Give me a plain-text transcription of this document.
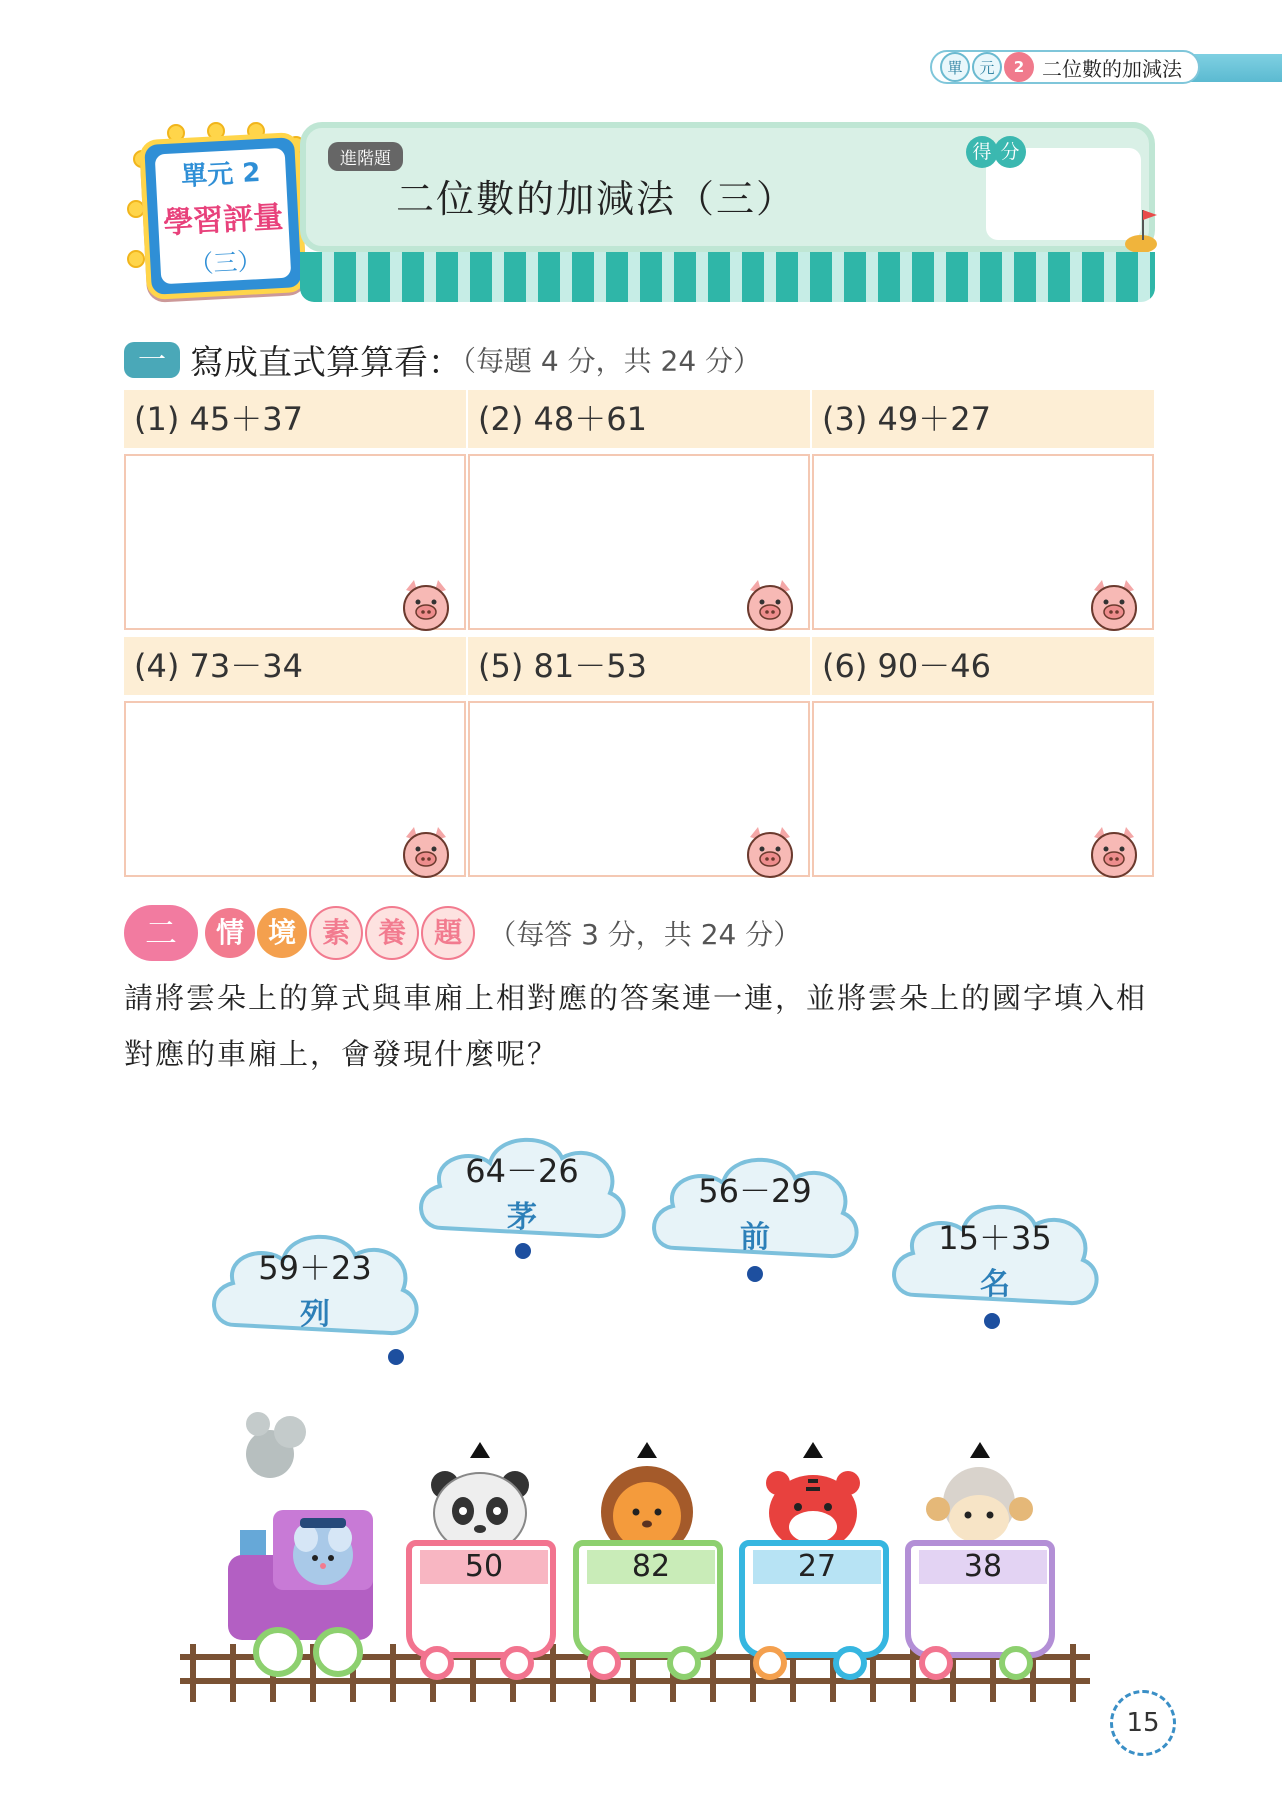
單	元	2 二位數的加減法
單元 2
學習評量
（三）
進階題
二位數的加減法（三）
得 分
一 寫成直式算算看：（每題 4 分，共 24 分）
(1) 45＋37	(2) 48＋61	(3) 49＋27
(4) 73－34	(5) 81－53	(6) 90－46
二 情 境 素 養 題 （每答 3 分，共 24 分）
請將雲朵上的算式與車廂上相對應的答案連一連，並將雲朵上的國字填入相對應的車廂上，會發現什麼呢？
59＋23
列
64－26
茅
56－29
前	15＋35
名
50	82	27	38
15
